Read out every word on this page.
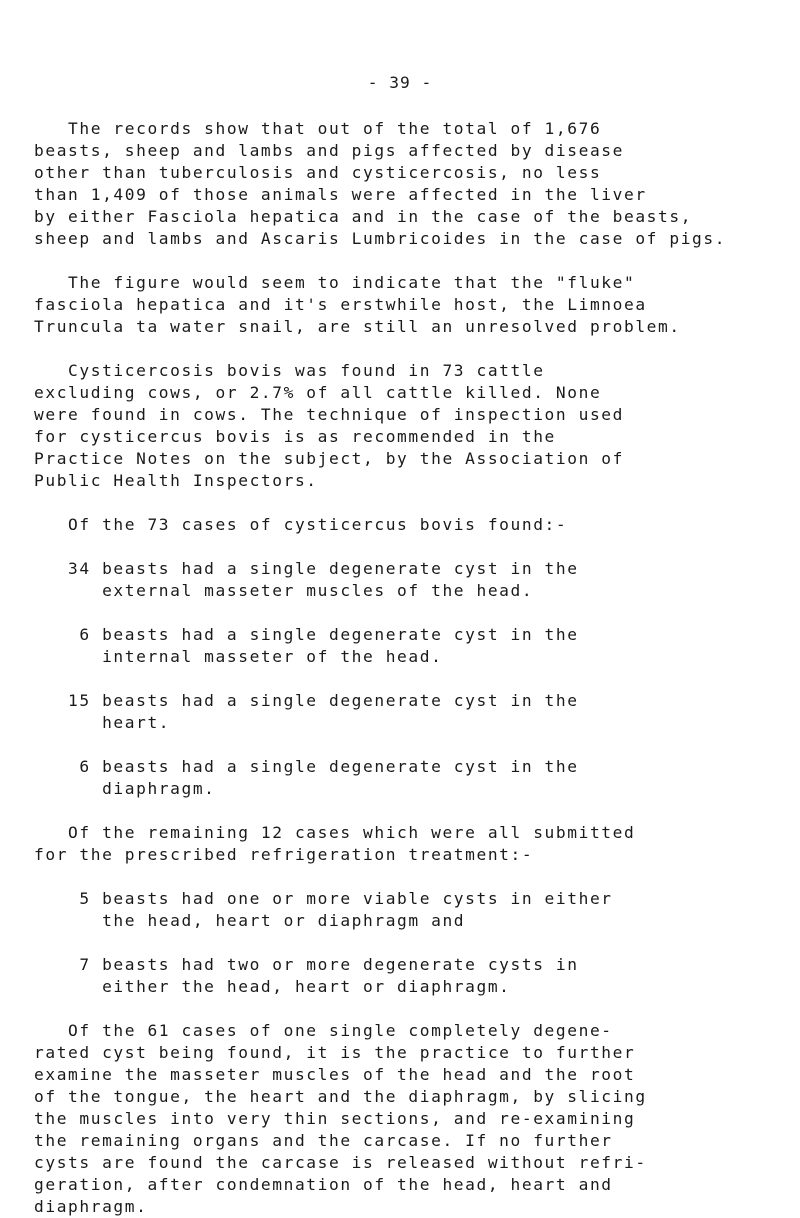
- 39 -
The records show that out of the total of 1,676
beasts, sheep and lambs and pigs affected by disease
other than tuberculosis and cysticercosis, no less
than 1,409 of those animals were affected in the liver
by either Fasciola hepatica and in the case of the beasts,
sheep and lambs and Ascaris Lumbricoides in the case of pigs.
The figure would seem to indicate that the "fluke"
fasciola hepatica and it's erstwhile host, the Limnoea
Truncula ta water snail, are still an unresolved problem.
Cysticercosis bovis was found in 73 cattle
excluding cows, or 2.7% of all cattle killed. None
were found in cows. The technique of inspection used
for cysticercus bovis is as recommended in the
Practice Notes on the subject, by the Association of
Public Health Inspectors.
Of the 73 cases of cysticercus bovis found:-
34 beasts had a single degenerate cyst in the
external masseter muscles of the head.
6 beasts had a single degenerate cyst in the
internal masseter of the head.
15 beasts had a single degenerate cyst in the
heart.
6 beasts had a single degenerate cyst in the
diaphragm.
Of the remaining 12 cases which were all submitted
for the prescribed refrigeration treatment:-
5 beasts had one or more viable cysts in either
the head, heart or diaphragm and
7 beasts had two or more degenerate cysts in
either the head, heart or diaphragm.
Of the 61 cases of one single completely degene-
rated cyst being found, it is the practice to further
examine the masseter muscles of the head and the root
of the tongue, the heart and the diaphragm, by slicing
the muscles into very thin sections, and re-examining
the remaining organs and the carcase. If no further
cysts are found the carcase is released without refri-
geration, after condemnation of the head, heart and
diaphragm.
